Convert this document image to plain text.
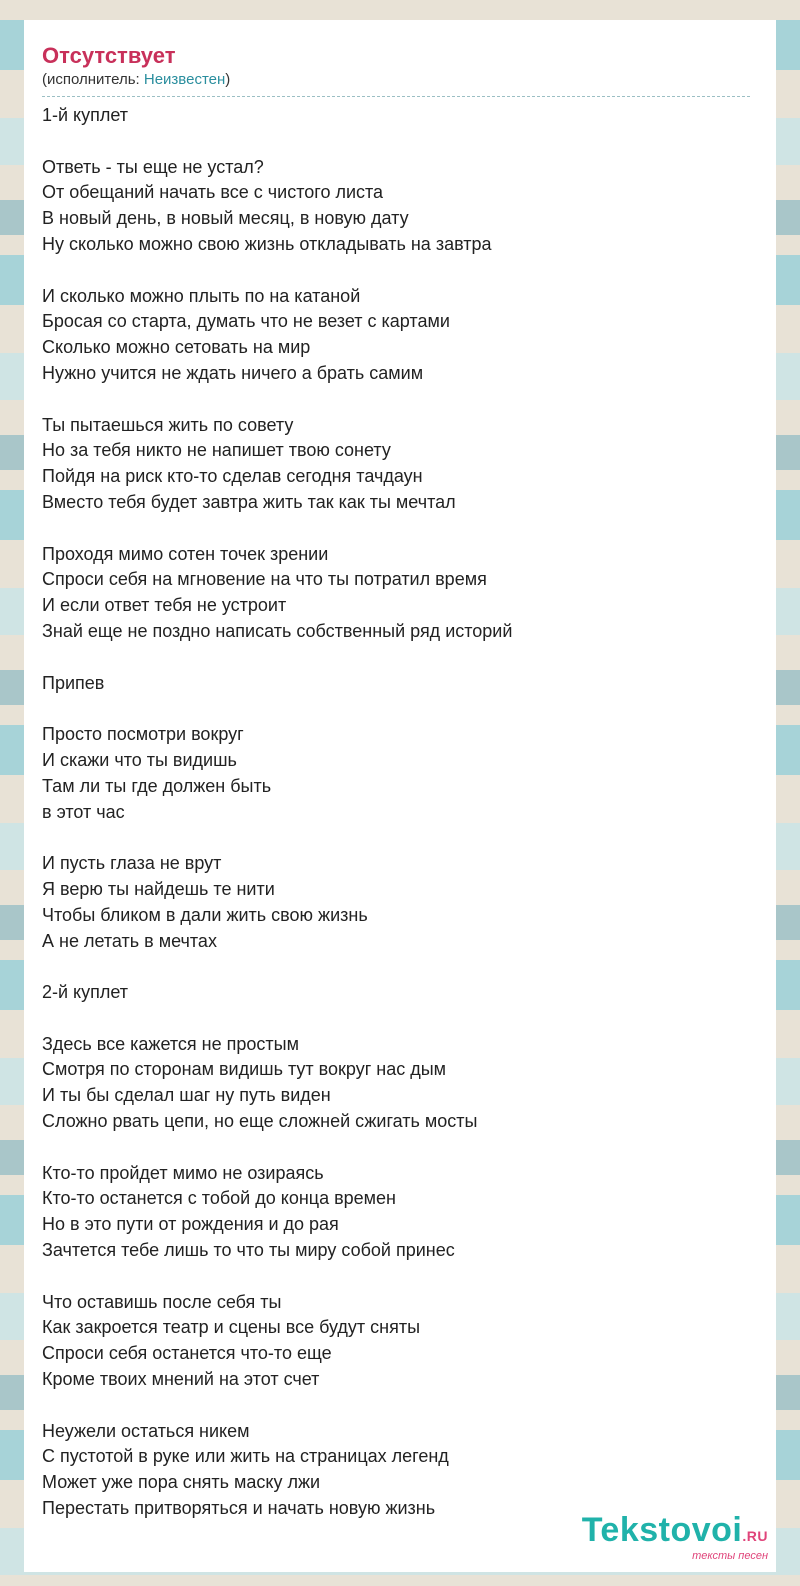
Отсутствует
(исполнитель: Неизвестен)
1-й куплет
Ответь - ты еще не устал?
От обещаний начать все с чистого листа
В новый день, в новый месяц, в новую дату
Ну сколько можно свою жизнь откладывать на завтра
И сколько можно плыть по на катаной
Бросая со старта, думать что не везет с картами
Сколько можно сетовать на мир
Нужно учится не ждать ничего а брать самим
Ты пытаешься жить по совету
Но за тебя никто не напишет твою сонету
Пойдя на риск кто-то сделав сегодня тачдаун
Вместо тебя будет завтра жить так как ты мечтал
Проходя мимо сотен точек зрении
Спроси себя на мгновение на что ты потратил время
И если ответ тебя не устроит
Знай еще не поздно написать собственный ряд историй
Припев
Просто посмотри вокруг
И скажи что ты видишь
Там ли ты где должен быть
в этот час
И пусть глаза не врут
Я верю ты найдешь те нити
Чтобы бликом в дали жить свою жизнь
А не летать в мечтах
2-й куплет
Здесь все кажется не простым
Смотря по сторонам видишь тут вокруг нас дым
И ты бы сделал шаг ну путь виден
Сложно рвать цепи, но еще сложней сжигать мосты
Кто-то пройдет мимо не озираясь
Кто-то останется с тобой до конца времен
Но в это пути от рождения и до рая
Зачтется тебе лишь то что ты миру собой принес
Что оставишь после себя ты
Как закроется театр и сцены все будут сняты
Спроси себя останется что-то еще
Кроме твоих мнений на этот счет
Неужели остаться никем
С пустотой в руке или жить на страницах легенд
Может уже пора снять маску лжи
Перестать притворяться и начать новую жизнь
Tekstovoi.RU
тексты песен
